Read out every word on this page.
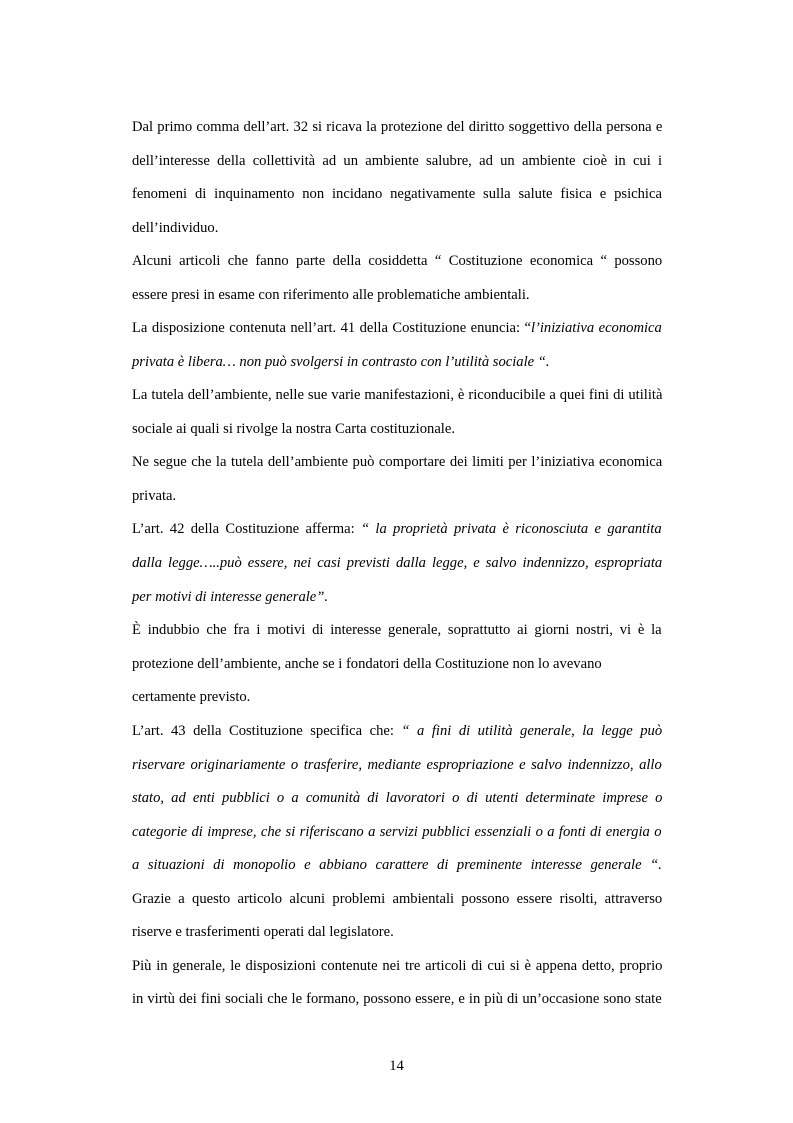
Dal primo comma dell’art. 32 si ricava la protezione del diritto soggettivo della persona e
dell’interesse della collettività ad un ambiente salubre, ad un ambiente cioè in cui i
fenomeni di inquinamento non incidano negativamente sulla salute fisica e psichica
dell’individuo.
Alcuni articoli che fanno parte della cosiddetta “ Costituzione economica “ possono
essere presi in esame con riferimento alle problematiche ambientali.
La disposizione contenuta nell’art. 41 della Costituzione enuncia: “l’iniziativa economica
privata è libera… non può svolgersi in contrasto con l’utilità sociale “.
La tutela dell’ambiente, nelle sue varie manifestazioni, è riconducibile a quei fini di utilità
sociale ai quali si rivolge la nostra Carta costituzionale.
Ne segue che la tutela dell’ambiente può comportare dei limiti per l’iniziativa economica
privata.
L’art. 42 della Costituzione afferma: “ la proprietà privata è riconosciuta e garantita
dalla legge…..può essere, nei casi previsti dalla legge, e salvo indennizzo, espropriata
per motivi di interesse generale”.
È indubbio che fra i motivi di interesse generale, soprattutto ai giorni nostri, vi è la
protezione dell’ambiente, anche se i fondatori della Costituzione non lo avevano
certamente previsto.
L’art. 43 della Costituzione specifica che: “ a fini di utilità generale, la legge può
riservare originariamente o trasferire, mediante espropriazione e salvo indennizzo, allo
stato, ad enti pubblici o a comunità di lavoratori o di utenti determinate imprese o
categorie di imprese, che si riferiscano a servizi pubblici essenziali o a fonti di energia o
a situazioni di monopolio e abbiano carattere di preminente interesse generale “.
Grazie a questo articolo alcuni problemi ambientali possono essere risolti, attraverso
riserve e trasferimenti operati dal legislatore.
Più in generale, le disposizioni contenute nei tre articoli di cui si è appena detto, proprio
in virtù dei fini sociali che le formano, possono essere, e in più di un’occasione sono state
14
